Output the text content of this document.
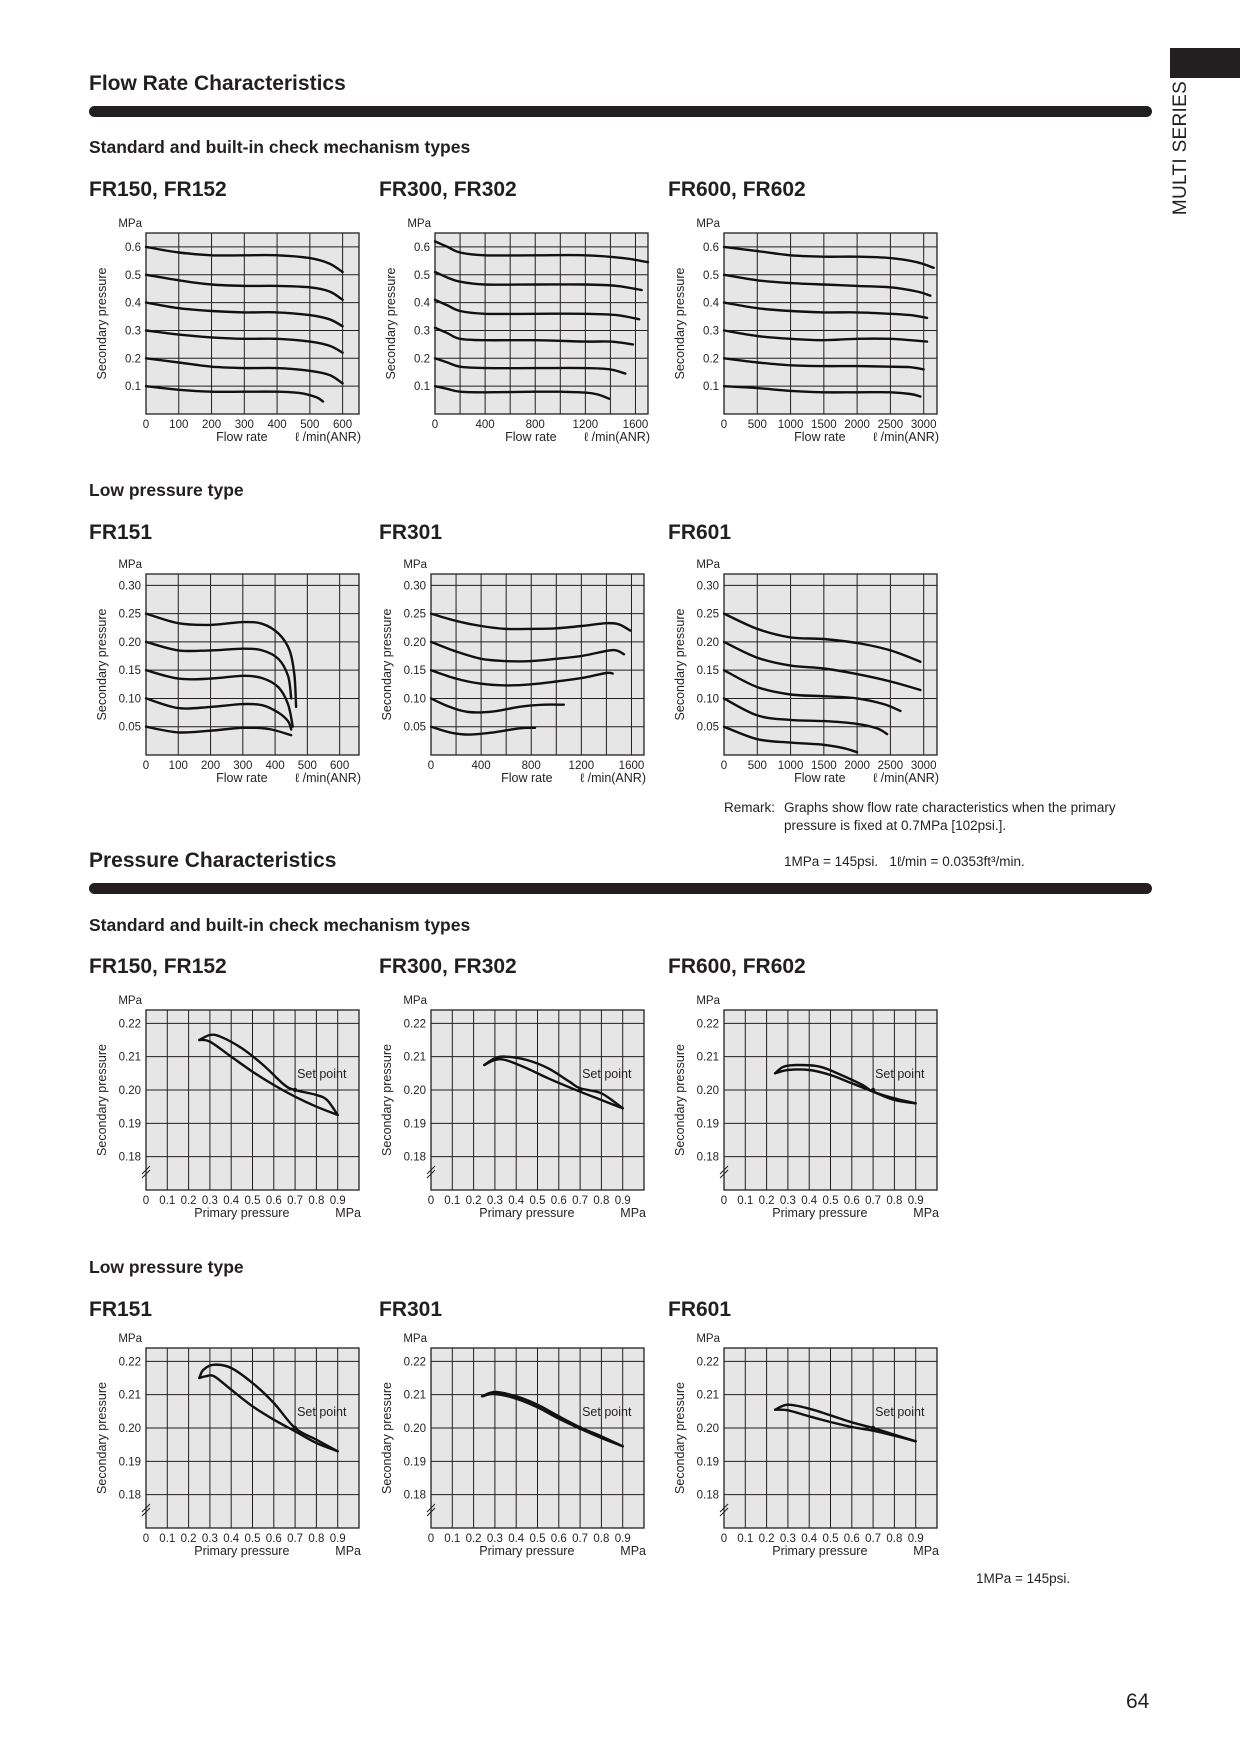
MULTI SERIES
Flow Rate Characteristics
Standard and built-in check mechanism types
FR150, FR152	FR300, FR302	FR600, FR602
0.1
0.2
0.3
0.4
0.5
0.6
0 100 200 300 400 500 600
MPa
Secondary pressure
Flow rate ℓ /min(ANR)
0.1
0.2
0.3
0.4
0.5
0.6
0	400	800 1200 1600
MPa
Secondary pressure
Flow rate ℓ /min(ANR)
0.1
0.2
0.3
0.4
0.5
0.6
0 500 1000 1500 2000 2500 3000
MPa
Secondary pressure
Flow rate ℓ /min(ANR)
Low pressure type
FR151	FR301	FR601
0.05
0.10
0.15
0.20
0.25
0.30
0 100 200 300 400 500 600
MPa
Secondary pressure
Flow rate ℓ /min(ANR)
0.05
0.10
0.15
0.20
0.25
0.30
0	400	800 1200 1600
MPa
Secondary pressure
Flow rate ℓ /min(ANR)
0.05
0.10
0.15
0.20
0.25
0.30
0 500 1000 1500 2000 2500 3000
MPa
Secondary pressure
Flow rate ℓ /min(ANR)
Remark: Graphs show flow rate characteristics when the primary
pressure is fixed at 0.7MPa [102psi.].
1MPa = 145psi.   1ℓ/min = 0.0353ft³/min.
Pressure Characteristics
Standard and built-in check mechanism types
FR150, FR152	FR300, FR302	FR600, FR602
0.18
0.19
0.20
0.21
0.22
0 0.1 0.2 0.3 0.4 0.5 0.6 0.7 0.8 0.9
MPa
Secondary pressure
Primary pressure	MPa
Set point
0.18
0.19
0.20
0.21
0.22
0 0.1 0.2 0.3 0.4 0.5 0.6 0.7 0.8 0.9
MPa
Secondary pressure
Primary pressure	MPa
Set point
0.18
0.19
0.20
0.21
0.22
0 0.1 0.2 0.3 0.4 0.5 0.6 0.7 0.8 0.9
MPa
Secondary pressure
Primary pressure	MPa
Set point
Low pressure type
FR151	FR301	FR601
0.18
0.19
0.20
0.21
0.22
0 0.1 0.2 0.3 0.4 0.5 0.6 0.7 0.8 0.9
MPa
Secondary pressure
Primary pressure	MPa
Set point
0.18
0.19
0.20
0.21
0.22
0 0.1 0.2 0.3 0.4 0.5 0.6 0.7 0.8 0.9
MPa
Secondary pressure
Primary pressure	MPa
Set point
0.18
0.19
0.20
0.21
0.22
0 0.1 0.2 0.3 0.4 0.5 0.6 0.7 0.8 0.9
MPa
Secondary pressure
Primary pressure	MPa
Set point
1MPa = 145psi.
64
